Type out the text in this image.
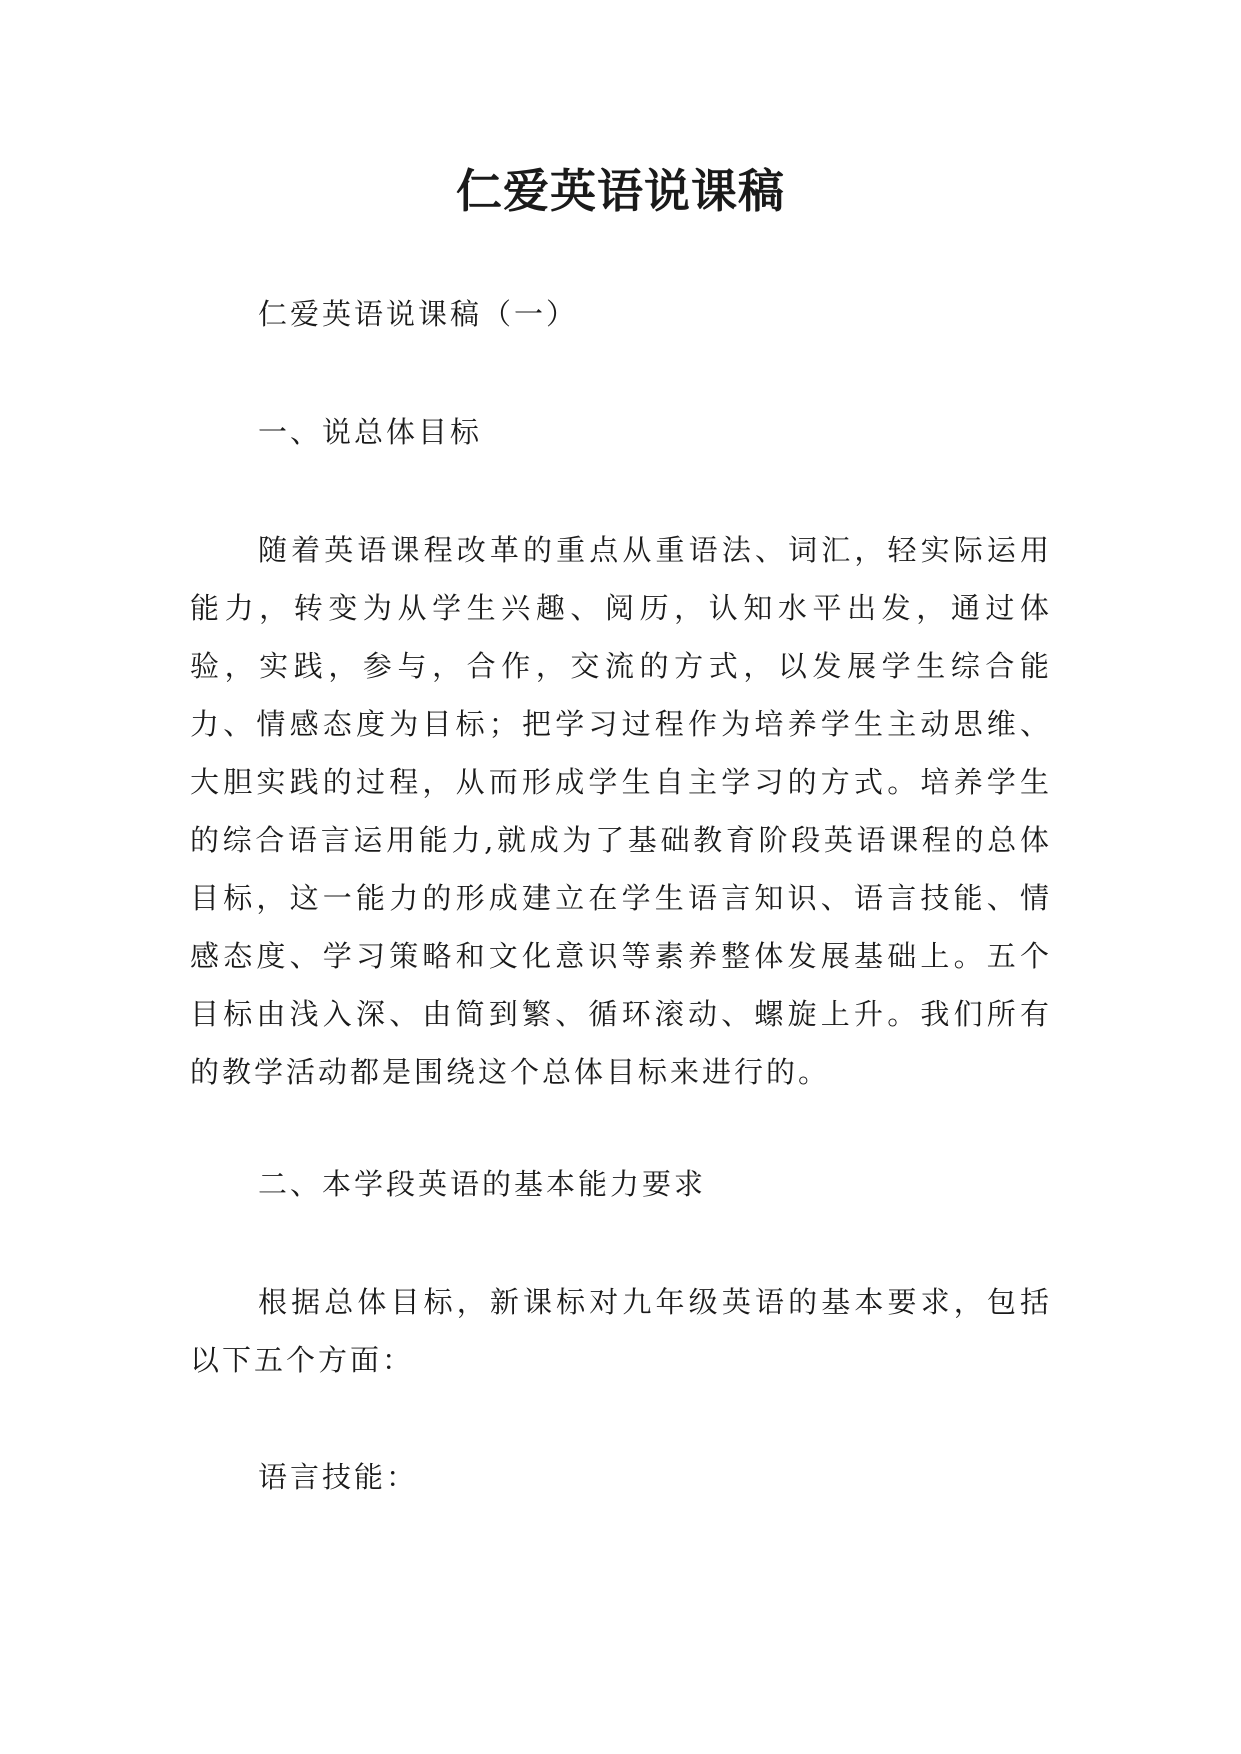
仁爱英语说课稿

仁爱英语说课稿（一）

一、说总体目标

随着英语课程改革的重点从重语法、词汇，轻实际运用能力，转变为从学生兴趣、阅历，认知水平出发，通过体验，实践，参与，合作，交流的方式，以发展学生综合能力、情感态度为目标；把学习过程作为培养学生主动思维、大胆实践的过程，从而形成学生自主学习的方式。培养学生的综合语言运用能力,就成为了基础教育阶段英语课程的总体目标，这一能力的形成建立在学生语言知识、语言技能、情感态度、学习策略和文化意识等素养整体发展基础上。五个目标由浅入深、由简到繁、循环滚动、螺旋上升。我们所有的教学活动都是围绕这个总体目标来进行的。

二、本学段英语的基本能力要求

根据总体目标，新课标对九年级英语的基本要求，包括以下五个方面：

语言技能：
